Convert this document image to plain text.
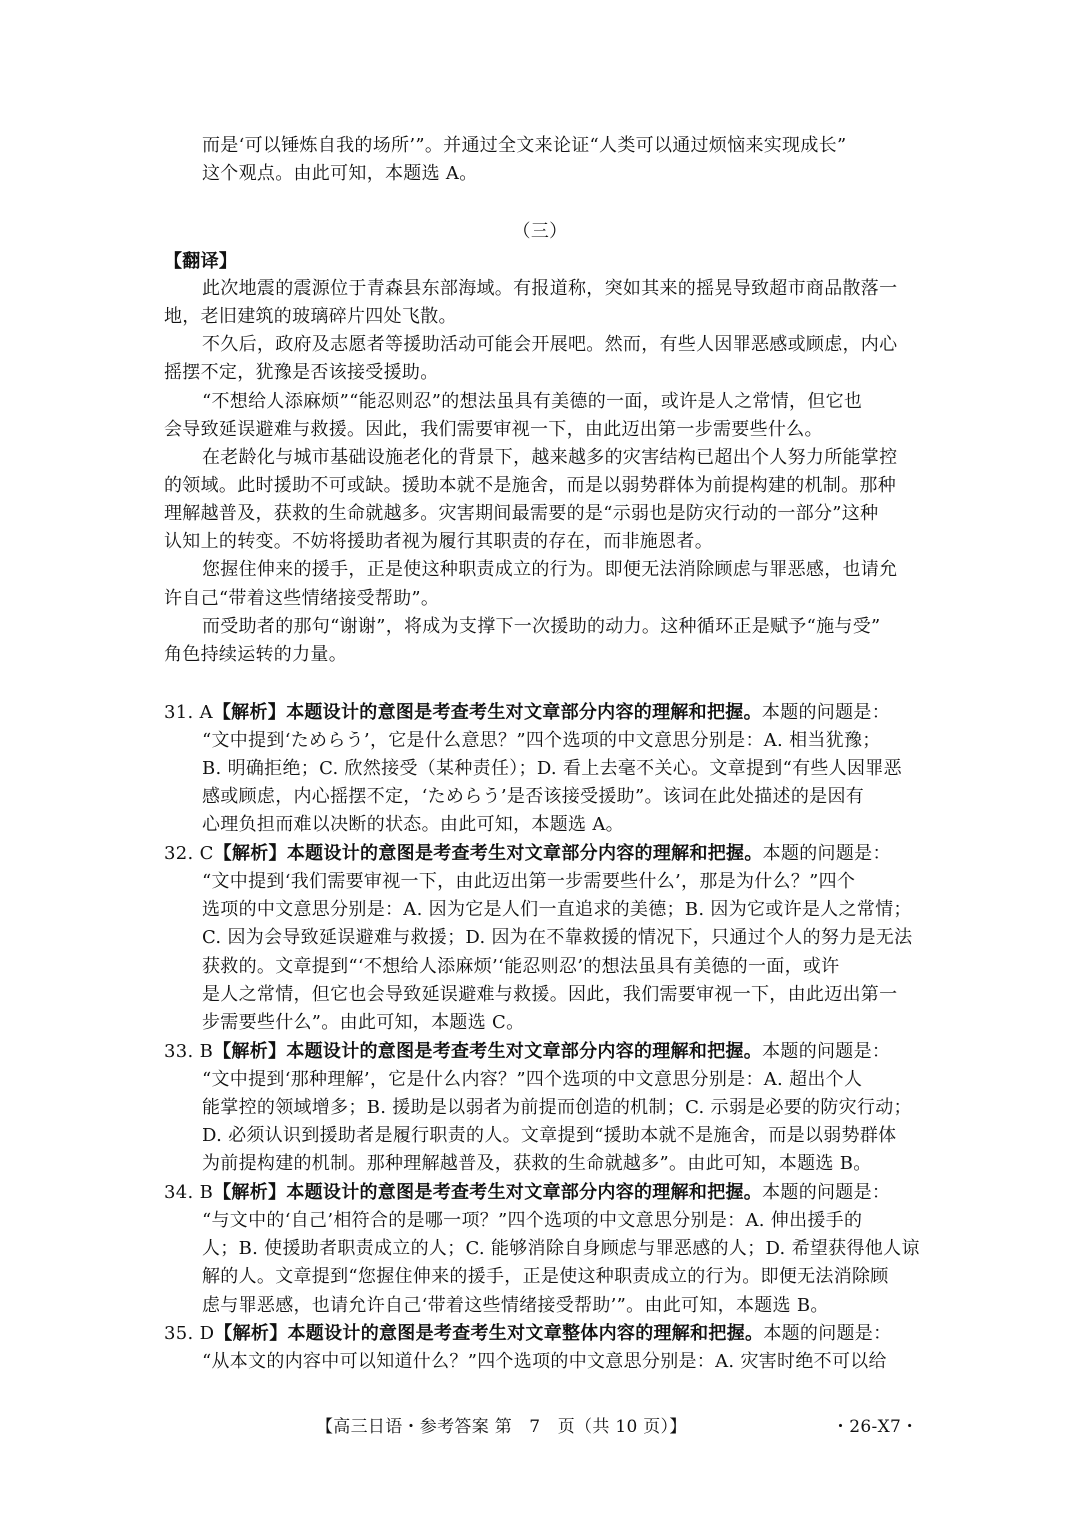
而是‘可以锤炼自我的场所’”。并通过全文来论证“人类可以通过烦恼来实现成长”
这个观点。由此可知，本题选 A。
（三）
【翻译】
此次地震的震源位于青森县东部海域。有报道称，突如其来的摇晃导致超市商品散落一
地，老旧建筑的玻璃碎片四处飞散。
不久后，政府及志愿者等援助活动可能会开展吧。然而，有些人因罪恶感或顾虑，内心
摇摆不定，犹豫是否该接受援助。
“不想给人添麻烦”“能忍则忍”的想法虽具有美德的一面，或许是人之常情，但它也
会导致延误避难与救援。因此，我们需要审视一下，由此迈出第一步需要些什么。
在老龄化与城市基础设施老化的背景下，越来越多的灾害结构已超出个人努力所能掌控
的领域。此时援助不可或缺。援助本就不是施舍，而是以弱势群体为前提构建的机制。那种
理解越普及，获救的生命就越多。灾害期间最需要的是“示弱也是防灾行动的一部分”这种
认知上的转变。不妨将援助者视为履行其职责的存在，而非施恩者。
您握住伸来的援手，正是使这种职责成立的行为。即便无法消除顾虑与罪恶感，也请允
许自己“带着这些情绪接受帮助”。
而受助者的那句“谢谢”，将成为支撑下一次援助的动力。这种循环正是赋予“施与受”
角色持续运转的力量。
31. A【解析】本题设计的意图是考查考生对文章部分内容的理解和把握。本题的问题是：
“文中提到‘ためらう’，它是什么意思？”四个选项的中文意思分别是：A. 相当犹豫；
B. 明确拒绝；C. 欣然接受（某种责任）；D. 看上去毫不关心。文章提到“有些人因罪恶
感或顾虑，内心摇摆不定，‘ためらう’是否该接受援助”。该词在此处描述的是因有
心理负担而难以决断的状态。由此可知，本题选 A。
32. C【解析】本题设计的意图是考查考生对文章部分内容的理解和把握。本题的问题是：
“文中提到‘我们需要审视一下，由此迈出第一步需要些什么’，那是为什么？”四个
选项的中文意思分别是：A. 因为它是人们一直追求的美德；B. 因为它或许是人之常情；
C. 因为会导致延误避难与救援；D. 因为在不靠救援的情况下，只通过个人的努力是无法
获救的。文章提到“‘不想给人添麻烦’‘能忍则忍’的想法虽具有美德的一面，或许
是人之常情，但它也会导致延误避难与救援。因此，我们需要审视一下，由此迈出第一
步需要些什么”。由此可知，本题选 C。
33. B【解析】本题设计的意图是考查考生对文章部分内容的理解和把握。本题的问题是：
“文中提到‘那种理解’，它是什么内容？”四个选项的中文意思分别是：A. 超出个人
能掌控的领域增多；B. 援助是以弱者为前提而创造的机制；C. 示弱是必要的防灾行动；
D. 必须认识到援助者是履行职责的人。文章提到“援助本就不是施舍，而是以弱势群体
为前提构建的机制。那种理解越普及，获救的生命就越多”。由此可知，本题选 B。
34. B【解析】本题设计的意图是考查考生对文章部分内容的理解和把握。本题的问题是：
“与文中的‘自己’相符合的是哪一项？”四个选项的中文意思分别是：A. 伸出援手的
人；B. 使援助者职责成立的人；C. 能够消除自身顾虑与罪恶感的人；D. 希望获得他人谅
解的人。文章提到“您握住伸来的援手，正是使这种职责成立的行为。即便无法消除顾
虑与罪恶感，也请允许自己‘带着这些情绪接受帮助’”。由此可知，本题选 B。
35. D【解析】本题设计的意图是考查考生对文章整体内容的理解和把握。本题的问题是：
“从本文的内容中可以知道什么？”四个选项的中文意思分别是：A. 灾害时绝不可以给
【高三日语・参考答案 第　7　页（共 10 页）】	・26-X7・
